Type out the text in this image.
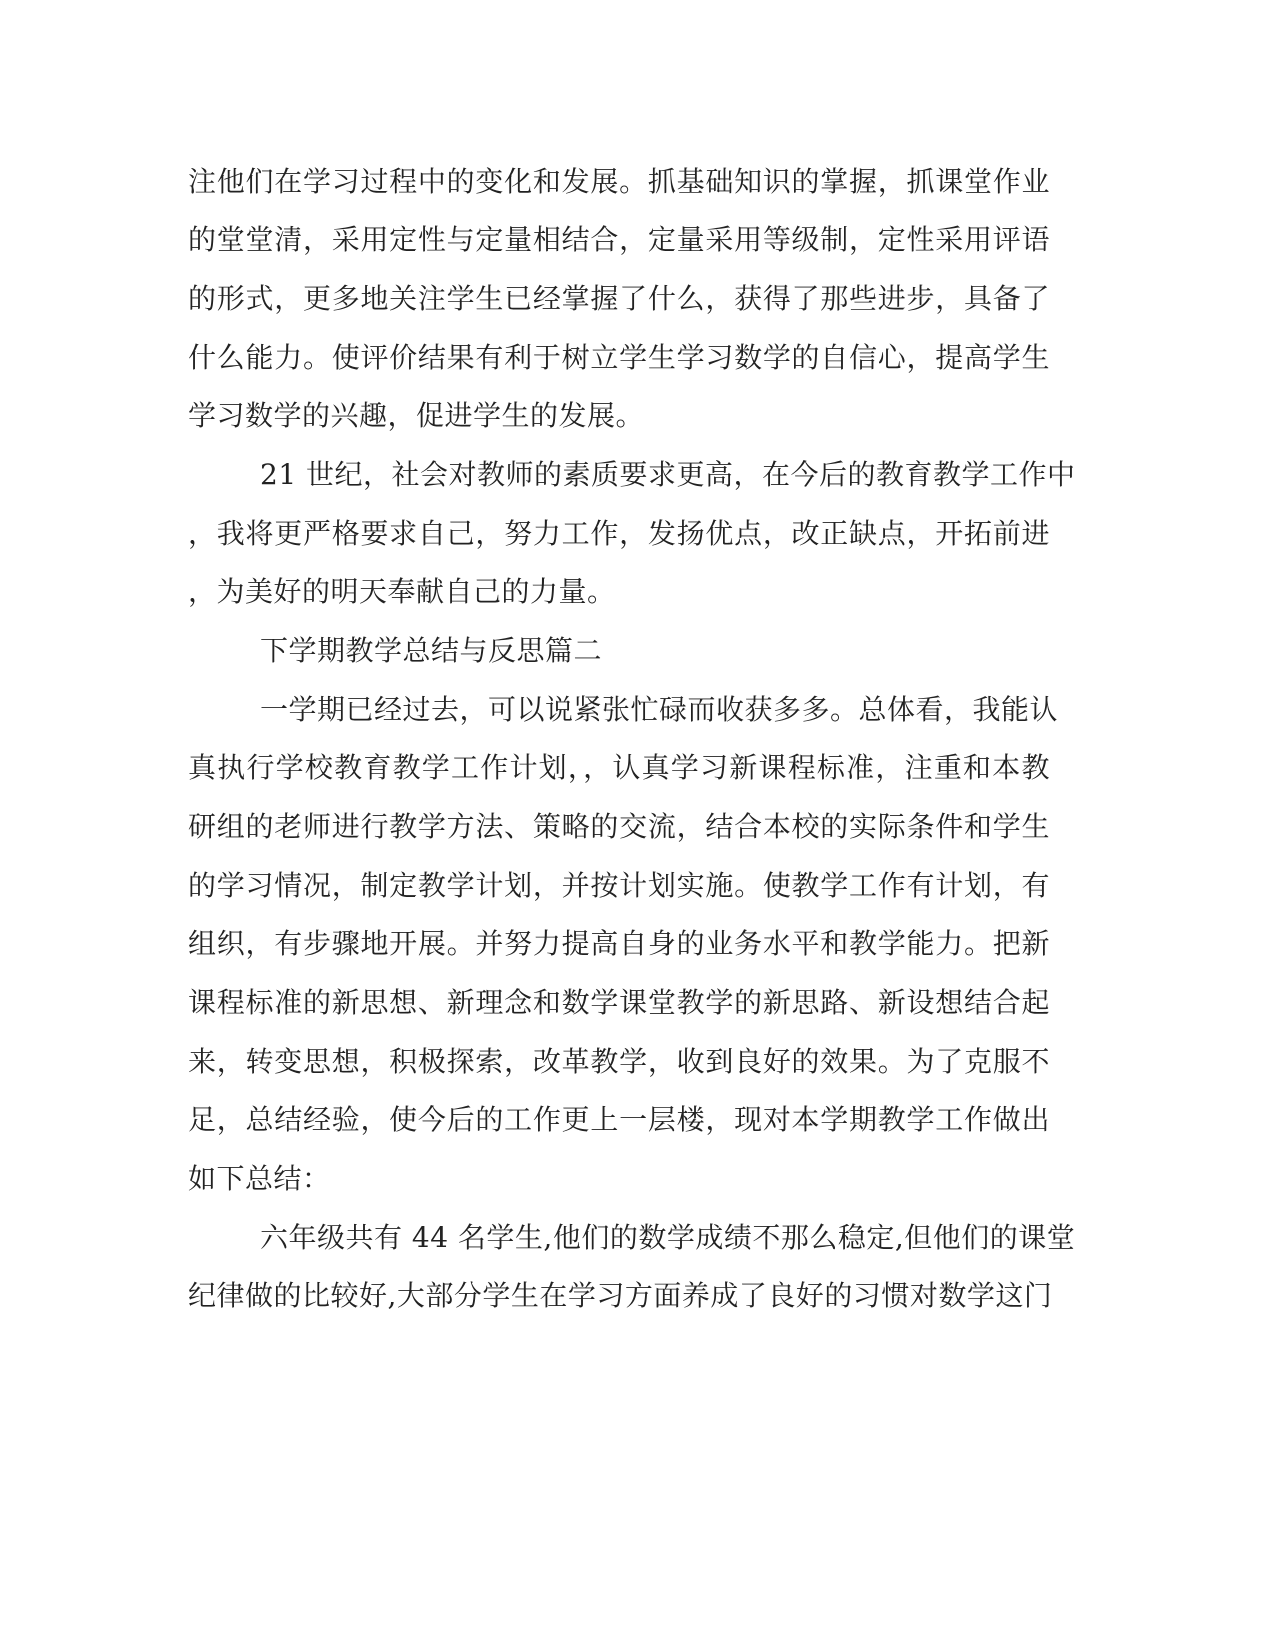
注他们在学习过程中的变化和发展。抓基础知识的掌握，抓课堂作业
的堂堂清，采用定性与定量相结合，定量采用等级制，定性采用评语
的形式，更多地关注学生已经掌握了什么，获得了那些进步，具备了
什么能力。使评价结果有利于树立学生学习数学的自信心，提高学生
学习数学的兴趣，促进学生的发展。
21 世纪，社会对教师的素质要求更高，在今后的教育教学工作中
，我将更严格要求自己，努力工作，发扬优点，改正缺点，开拓前进
，为美好的明天奉献自己的力量。
下学期教学总结与反思篇二
一学期已经过去，可以说紧张忙碌而收获多多。总体看，我能认
真执行学校教育教学工作计划，，认真学习新课程标准，注重和本教
研组的老师进行教学方法、策略的交流，结合本校的实际条件和学生
的学习情况，制定教学计划，并按计划实施。使教学工作有计划，有
组织，有步骤地开展。并努力提高自身的业务水平和教学能力。把新
课程标准的新思想、新理念和数学课堂教学的新思路、新设想结合起
来，转变思想，积极探索，改革教学，收到良好的效果。为了克服不
足，总结经验，使今后的工作更上一层楼，现对本学期教学工作做出
如下总结：
六年级共有 44 名学生,他们的数学成绩不那么稳定,但他们的课堂
纪律做的比较好,大部分学生在学习方面养成了良好的习惯对数学这门
